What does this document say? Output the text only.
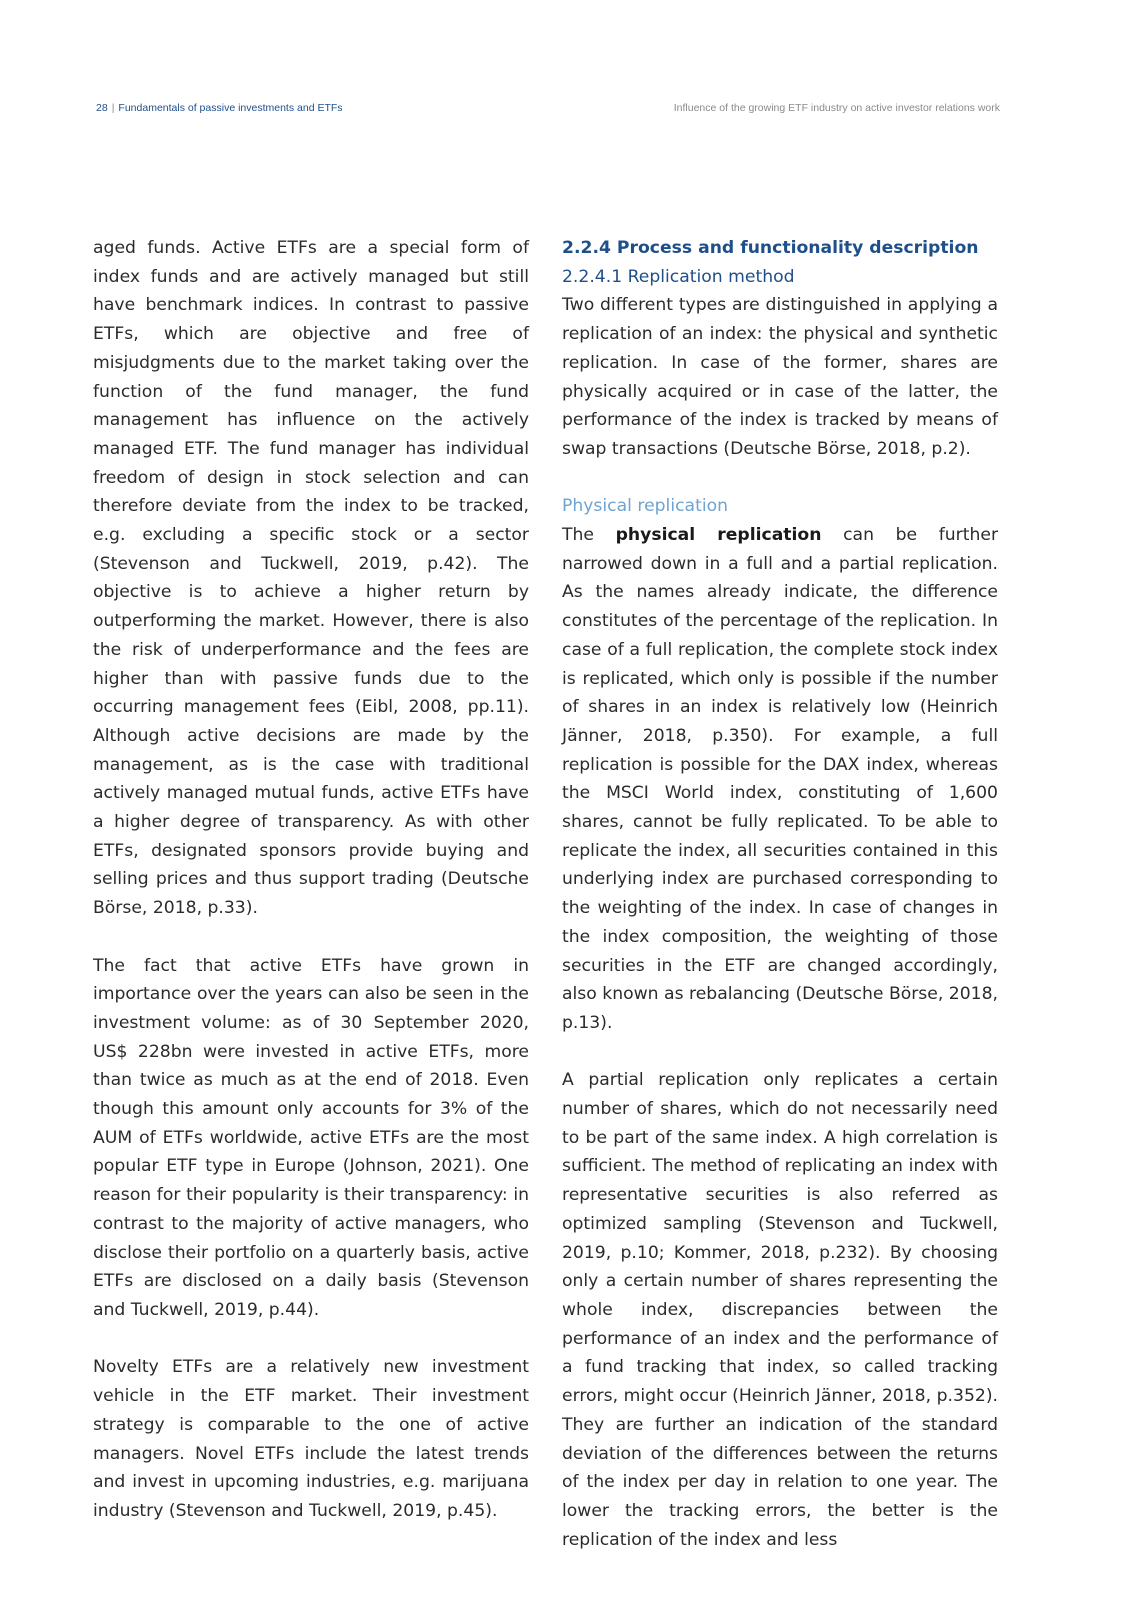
28 | Fundamentals of passive investments and ETFs	Influence of the growing ETF industry on active investor relations work

aged funds. Active ETFs are a special form of index funds and are actively managed but still have benchmark indices. In contrast to passive ETFs, which are objective and free of misjudgments due to the market taking over the function of the fund manager, the fund management has influence on the actively managed ETF. The fund manager has individual freedom of design in stock selection and can therefore deviate from the index to be tracked, e.g. excluding a specific stock or a sector (Stevenson and Tuckwell, 2019, p.42). The objective is to achieve a higher return by outperforming the market. However, there is also the risk of underperformance and the fees are higher than with passive funds due to the occurring management fees (Eibl, 2008, pp.11). Although active decisions are made by the management, as is the case with traditional actively managed mutual funds, active ETFs have a higher degree of transparency. As with other ETFs, designated sponsors provide buying and selling prices and thus support trading (Deutsche Börse, 2018, p.33).

The fact that active ETFs have grown in importance over the years can also be seen in the investment volume: as of 30 September 2020, US$ 228bn were invested in active ETFs, more than twice as much as at the end of 2018. Even though this amount only accounts for 3% of the AUM of ETFs worldwide, active ETFs are the most popular ETF type in Europe (Johnson, 2021). One reason for their popularity is their transparency: in contrast to the majority of active managers, who disclose their portfolio on a quarterly basis, active ETFs are disclosed on a daily basis (Stevenson and Tuckwell, 2019, p.44).

Novelty ETFs are a relatively new investment vehicle in the ETF market. Their investment strategy is comparable to the one of active managers. Novel ETFs include the latest trends and invest in upcoming industries, e.g. marijuana industry (Stevenson and Tuckwell, 2019, p.45).

2.2.4 Process and functionality description
2.2.4.1 Replication method

Two different types are distinguished in applying a replication of an index: the physical and synthetic replication. In case of the former, shares are physically acquired or in case of the latter, the performance of the index is tracked by means of swap transactions (Deutsche Börse, 2018, p.2).

Physical replication

The physical replication can be further narrowed down in a full and a partial replication. As the names already indicate, the difference constitutes of the percentage of the replication. In case of a full replication, the complete stock index is replicated, which only is possible if the number of shares in an index is relatively low (Heinrich Jänner, 2018, p.350). For example, a full replication is possible for the DAX index, whereas the MSCI World index, constituting of 1,600 shares, cannot be fully replicated. To be able to replicate the index, all securities contained in this underlying index are purchased corresponding to the weighting of the index. In case of changes in the index composition, the weighting of those securities in the ETF are changed accordingly, also known as rebalancing (Deutsche Börse, 2018, p.13).

A partial replication only replicates a certain number of shares, which do not necessarily need to be part of the same index. A high correlation is sufficient. The method of replicating an index with representative securities is also referred as optimized sampling (Stevenson and Tuckwell, 2019, p.10; Kommer, 2018, p.232). By choosing only a certain number of shares representing the whole index, discrepancies between the performance of an index and the performance of a fund tracking that index, so called tracking errors, might occur (Heinrich Jänner, 2018, p.352). They are further an indication of the standard deviation of the differences between the returns of the index per day in relation to one year. The lower the tracking errors, the better is the replication of the index and less
